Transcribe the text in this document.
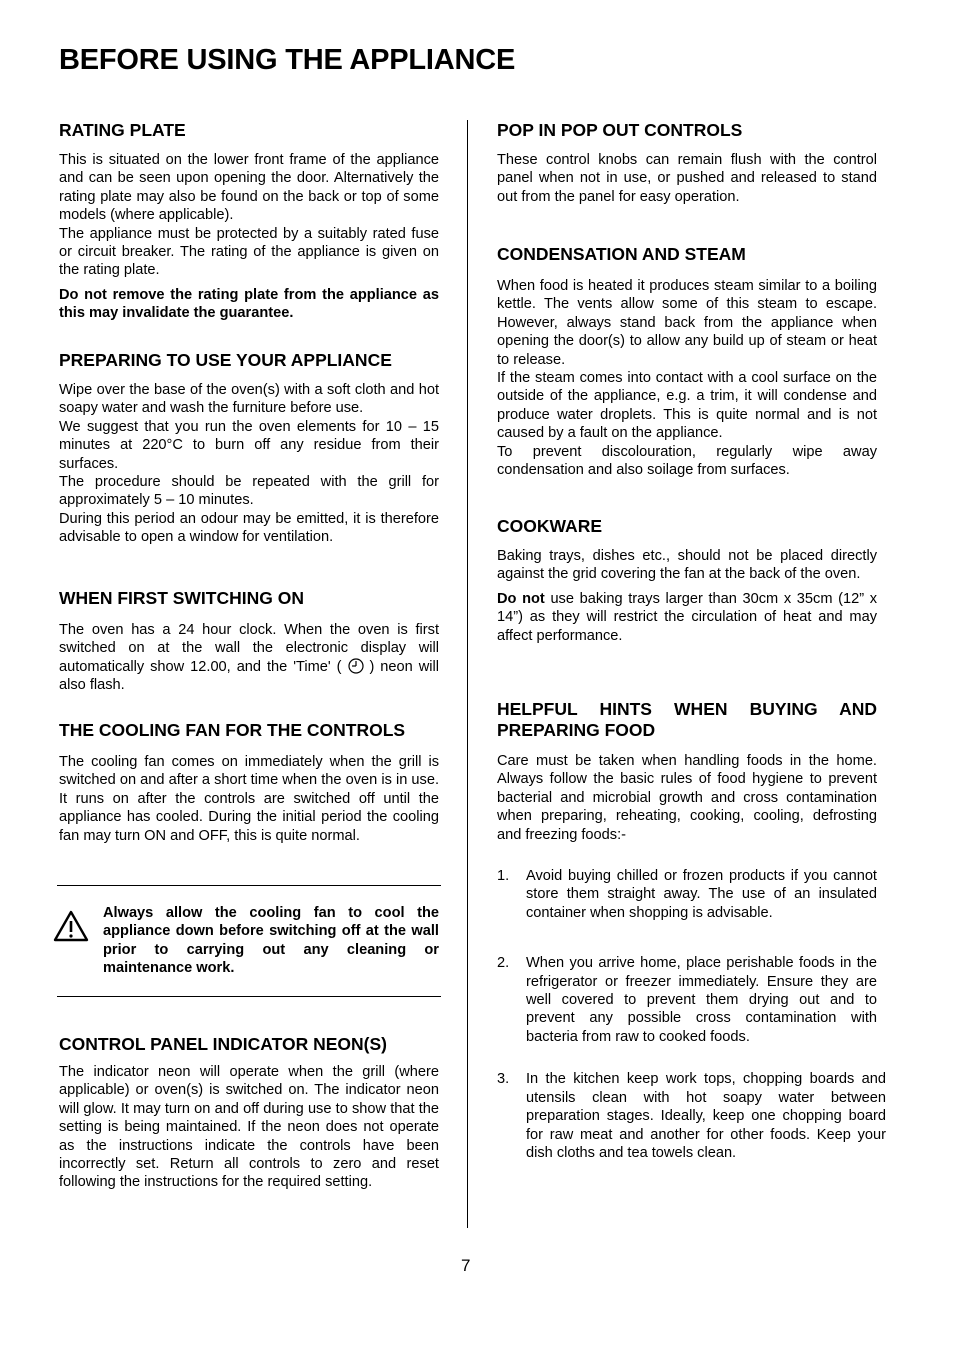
BEFORE USING THE APPLIANCE
RATING PLATE

This is situated on the lower front frame of the appliance and can be seen upon opening the door. Alternatively the rating plate may also be found on the back or top of some models (where applicable).

The appliance must be protected by a suitably rated fuse or circuit breaker. The rating of the appliance is given on the rating plate.

Do not remove the rating plate from the appliance as this may invalidate the guarantee.

PREPARING TO USE YOUR APPLIANCE

Wipe over the base of the oven(s) with a soft cloth and hot soapy water and wash the furniture before use.

We suggest that you run the oven elements for 10 – 15 minutes at 220°C to burn off any residue from their surfaces.

The procedure should be repeated with the grill for approximately 5 – 10 minutes.

During this period an odour may be emitted, it is therefore advisable to open a window for ventilation.

WHEN FIRST SWITCHING ON

The oven has a 24 hour clock. When the oven is first switched on at the wall the electronic display will automatically show 12.00, and the 'Time' ( ) neon will also flash.

THE COOLING FAN FOR THE CONTROLS

The cooling fan comes on immediately when the grill is switched on and after a short time when the oven is in use. It runs on after the controls are switched off until the appliance has cooled. During the initial period the cooling fan may turn ON and OFF, this is quite normal.

CONTROL PANEL INDICATOR NEON(S)

The indicator neon will operate when the grill (where applicable) or oven(s) is switched on. The indicator neon will glow. It may turn on and off during use to show that the setting is being maintained. If the neon does not operate as the instructions indicate the controls have been incorrectly set. Return all controls to zero and reset following the instructions for the required setting.

Always allow the cooling fan to cool the appliance down before switching off at the wall prior to carrying out any cleaning or maintenance work.
POP IN POP OUT CONTROLS

These control knobs can remain flush with the control panel when not in use, or pushed and released to stand out from the panel for easy operation.

CONDENSATION AND STEAM

When food is heated it produces steam similar to a boiling kettle. The vents allow some of this steam to escape. However, always stand back from the appliance when opening the door(s) to allow any build up of steam or heat to release.

If the steam comes into contact with a cool surface on the outside of the appliance, e.g. a trim, it will condense and produce water droplets. This is quite normal and is not caused by a fault on the appliance.

To prevent discolouration, regularly wipe away condensation and also soilage from surfaces.

COOKWARE

Baking trays, dishes etc., should not be placed directly against the grid covering the fan at the back of the oven.

Do not use baking trays larger than 30cm x 35cm (12” x 14”) as they will restrict the circulation of heat and may affect performance.

HELPFUL HINTS WHEN BUYING AND PREPARING FOOD

Care must be taken when handling foods in the home. Always follow the basic rules of food hygiene to prevent bacterial and microbial growth and cross contamination when preparing, reheating, cooking, cooling, defrosting and freezing foods:-

1. Avoid buying chilled or frozen products if you cannot store them straight away. The use of an insulated container when shopping is advisable.
2. When you arrive home, place perishable foods in the refrigerator or freezer immediately. Ensure they are well covered to prevent them drying out and to prevent any possible cross contamination with bacteria from raw to cooked foods.
3. In the kitchen keep work tops, chopping boards and utensils clean with hot soapy water between preparation stages. Ideally, keep one chopping board for raw meat and another for other foods. Keep your dish cloths and tea towels clean.
7
